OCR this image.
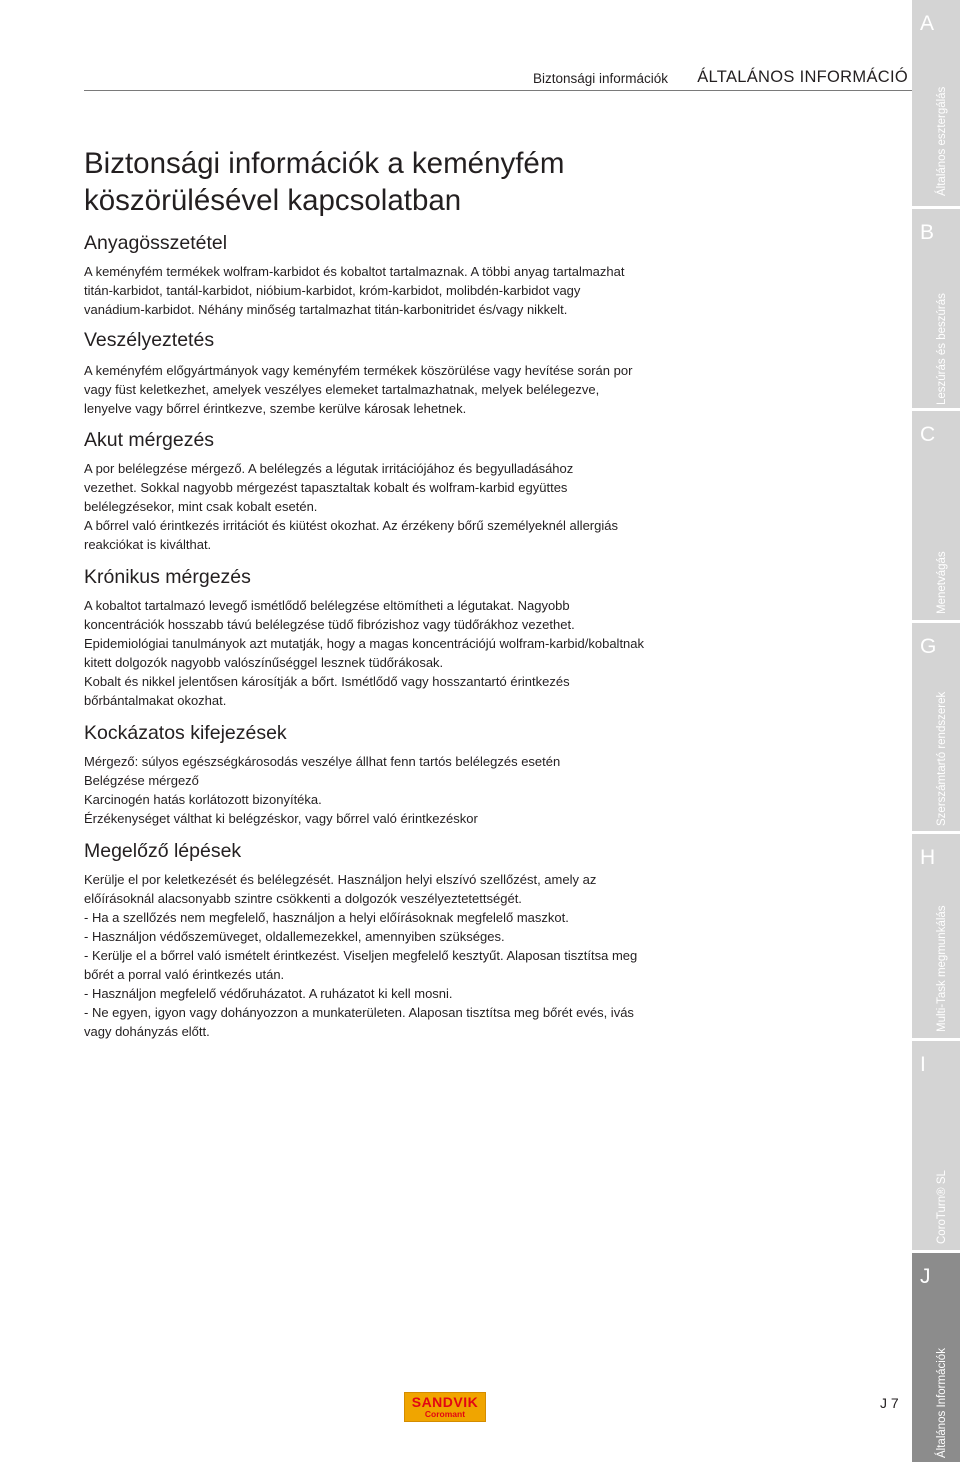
Biztonsági információk	ÁLTALÁNOS INFORMÁCIÓ
Biztonsági információk a keményfém
köszörülésével kapcsolatban
Anyagösszetétel

A keményfém termékek wolfram-karbidot és kobaltot tartalmaznak. A többi anyag tartalmazhat
titán-karbidot, tantál-karbidot, nióbium-karbidot, króm-karbidot, molibdén-karbidot vagy
vanádium-karbidot. Néhány minőség tartalmazhat titán-karbonitridet és/vagy nikkelt.

Veszélyeztetés

A keményfém előgyártmányok vagy keményfém termékek köszörülése vagy hevítése során por
vagy füst keletkezhet, amelyek veszélyes elemeket tartalmazhatnak, melyek belélegezve,
lenyelve vagy bőrrel érintkezve, szembe kerülve károsak lehetnek.

Akut mérgezés

A por belélegzése mérgező. A belélegzés a légutak irritációjához és begyulladásához
vezethet. Sokkal nagyobb mérgezést tapasztaltak kobalt és wolfram-karbid együttes
belélegzésekor, mint csak kobalt esetén.
A bőrrel való érintkezés irritációt és kiütést okozhat. Az érzékeny bőrű személyeknél allergiás
reakciókat is kiválthat.

Krónikus mérgezés

A kobaltot tartalmazó levegő ismétlődő belélegzése eltömítheti a légutakat. Nagyobb
koncentrációk hosszabb távú belélegzése tüdő fibrózishoz vagy tüdőrákhoz vezethet.
Epidemiológiai tanulmányok azt mutatják, hogy a magas koncentrációjú wolfram-karbid/kobaltnak
kitett dolgozók nagyobb valószínűséggel lesznek tüdőrákosak.
Kobalt és nikkel jelentősen károsítják a bőrt. Ismétlődő vagy hosszantartó érintkezés
bőrbántalmakat okozhat.

Kockázatos kifejezések

Mérgező: súlyos egészségkárosodás veszélye állhat fenn tartós belélegzés esetén
Belégzése mérgező
Karcinogén hatás korlátozott bizonyítéka.
Érzékenységet válthat ki belégzéskor, vagy bőrrel való érintkezéskor

Megelőző lépések

Kerülje el por keletkezését és belélegzését. Használjon helyi elszívó szellőzést, amely az
előírásoknál alacsonyabb szintre csökkenti a dolgozók veszélyeztetettségét.
- Ha a szellőzés nem megfelelő, használjon a helyi előírásoknak megfelelő maszkot.
- Használjon védőszemüveget, oldallemezekkel, amennyiben szükséges.
- Kerülje el a bőrrel való ismételt érintkezést. Viseljen megfelelő kesztyűt. Alaposan tisztítsa meg
bőrét a porral való érintkezés után.
- Használjon megfelelő védőruházatot. A ruházatot ki kell mosni.
- Ne egyen, igyon vagy dohányozzon a munkaterületen. Alaposan tisztítsa meg bőrét evés, ivás
vagy dohányzás előtt.

A
Általános esztergálás
B
Leszúrás és beszúrás
C
Menetvágás
G
Szerszámtartó rendszerek
H
Multi-Task megmunkálás
I
CoroTurn® SL
J
Általános Információk
SANDVIK
Coromant
J 7
